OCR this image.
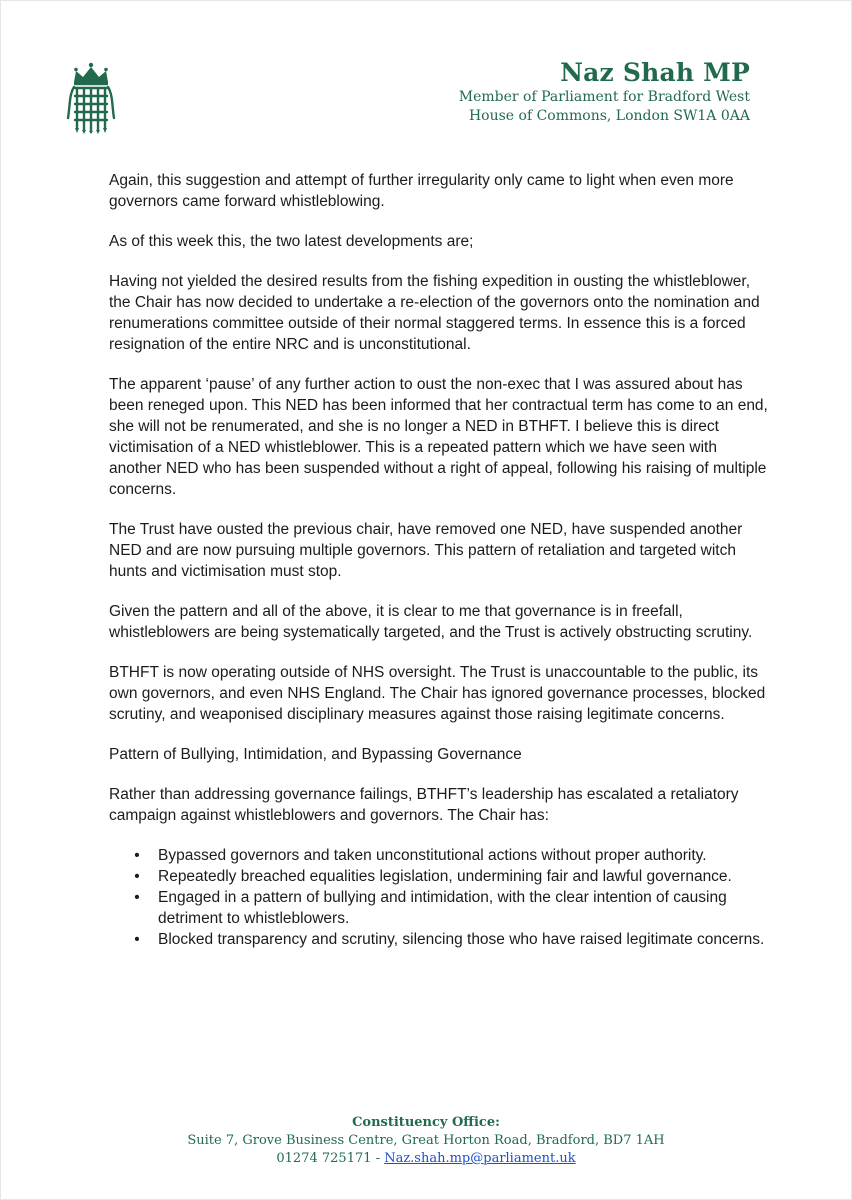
Naz Shah MP
Member of Parliament for Bradford West
House of Commons, London SW1A 0AA

Again, this suggestion and attempt of further irregularity only came to light when even more governors came forward whistleblowing.

As of this week this, the two latest developments are;

Having not yielded the desired results from the fishing expedition in ousting the whistleblower, the Chair has now decided to undertake a re-election of the governors onto the nomination and renumerations committee outside of their normal staggered terms. In essence this is a forced resignation of the entire NRC and is unconstitutional.

The apparent ‘pause’ of any further action to oust the non-exec that I was assured about has been reneged upon. This NED has been informed that her contractual term has come to an end, she will not be renumerated, and she is no longer a NED in BTHFT. I believe this is direct victimisation of a NED whistleblower. This is a repeated pattern which we have seen with another NED who has been suspended without a right of appeal, following his raising of multiple concerns.

The Trust have ousted the previous chair, have removed one NED, have suspended another NED and are now pursuing multiple governors. This pattern of retaliation and targeted witch hunts and victimisation must stop.

Given the pattern and all of the above, it is clear to me that governance is in freefall, whistleblowers are being systematically targeted, and the Trust is actively obstructing scrutiny.

BTHFT is now operating outside of NHS oversight. The Trust is unaccountable to the public, its own governors, and even NHS England. The Chair has ignored governance processes, blocked scrutiny, and weaponised disciplinary measures against those raising legitimate concerns.

Pattern of Bullying, Intimidation, and Bypassing Governance

Rather than addressing governance failings, BTHFT’s leadership has escalated a retaliatory campaign against whistleblowers and governors. The Chair has:

• Bypassed governors and taken unconstitutional actions without proper authority.
• Repeatedly breached equalities legislation, undermining fair and lawful governance.
• Engaged in a pattern of bullying and intimidation, with the clear intention of causing detriment to whistleblowers.
• Blocked transparency and scrutiny, silencing those who have raised legitimate concerns.
Constituency Office:
Suite 7, Grove Business Centre, Great Horton Road, Bradford, BD7 1AH
01274 725171 - Naz.shah.mp@parliament.uk
